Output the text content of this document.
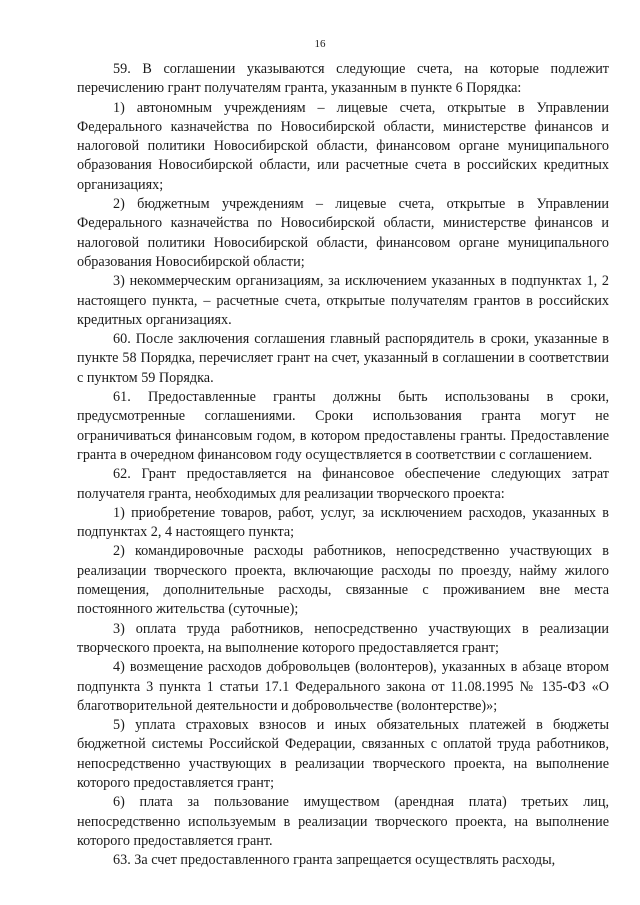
16

59. В соглашении указываются следующие счета, на которые подлежит перечислению грант получателям гранта, указанным в пункте 6 Порядка:

1) автономным учреждениям – лицевые счета, открытые в Управлении Федерального казначейства по Новосибирской области, министерстве финансов и налоговой политики Новосибирской области, финансовом органе муниципального образования Новосибирской области, или расчетные счета в российских кредитных организациях;

2) бюджетным учреждениям – лицевые счета, открытые в Управлении Федерального казначейства по Новосибирской области, министерстве финансов и налоговой политики Новосибирской области, финансовом органе муниципального образования Новосибирской области;

3) некоммерческим организациям, за исключением указанных в подпунктах 1, 2 настоящего пункта, – расчетные счета, открытые получателям грантов в российских кредитных организациях.

60. После заключения соглашения главный распорядитель в сроки, указанные в пункте 58 Порядка, перечисляет грант на счет, указанный в соглашении в соответствии с пунктом 59 Порядка.

61. Предоставленные гранты должны быть использованы в сроки, предусмотренные соглашениями. Сроки использования гранта могут не ограничиваться финансовым годом, в котором предоставлены гранты. Предоставление гранта в очередном финансовом году осуществляется в соответствии с соглашением.

62. Грант предоставляется на финансовое обеспечение следующих затрат получателя гранта, необходимых для реализации творческого проекта:

1) приобретение товаров, работ, услуг, за исключением расходов, указанных в подпунктах 2, 4 настоящего пункта;

2) командировочные расходы работников, непосредственно участвующих в реализации творческого проекта, включающие расходы по проезду, найму жилого помещения, дополнительные расходы, связанные с проживанием вне места постоянного жительства (суточные);

3) оплата труда работников, непосредственно участвующих в реализации творческого проекта, на выполнение которого предоставляется грант;

4) возмещение расходов добровольцев (волонтеров), указанных в абзаце втором подпункта 3 пункта 1 статьи 17.1 Федерального закона от 11.08.1995 № 135-ФЗ «О благотворительной деятельности и добровольчестве (волонтерстве)»;

5) уплата страховых взносов и иных обязательных платежей в бюджеты бюджетной системы Российской Федерации, связанных с оплатой труда работников, непосредственно участвующих в реализации творческого проекта, на выполнение которого предоставляется грант;

6) плата за пользование имуществом (арендная плата) третьих лиц, непосредственно используемым в реализации творческого проекта, на выполнение которого предоставляется грант.

63. За счет предоставленного гранта запрещается осуществлять расходы,
